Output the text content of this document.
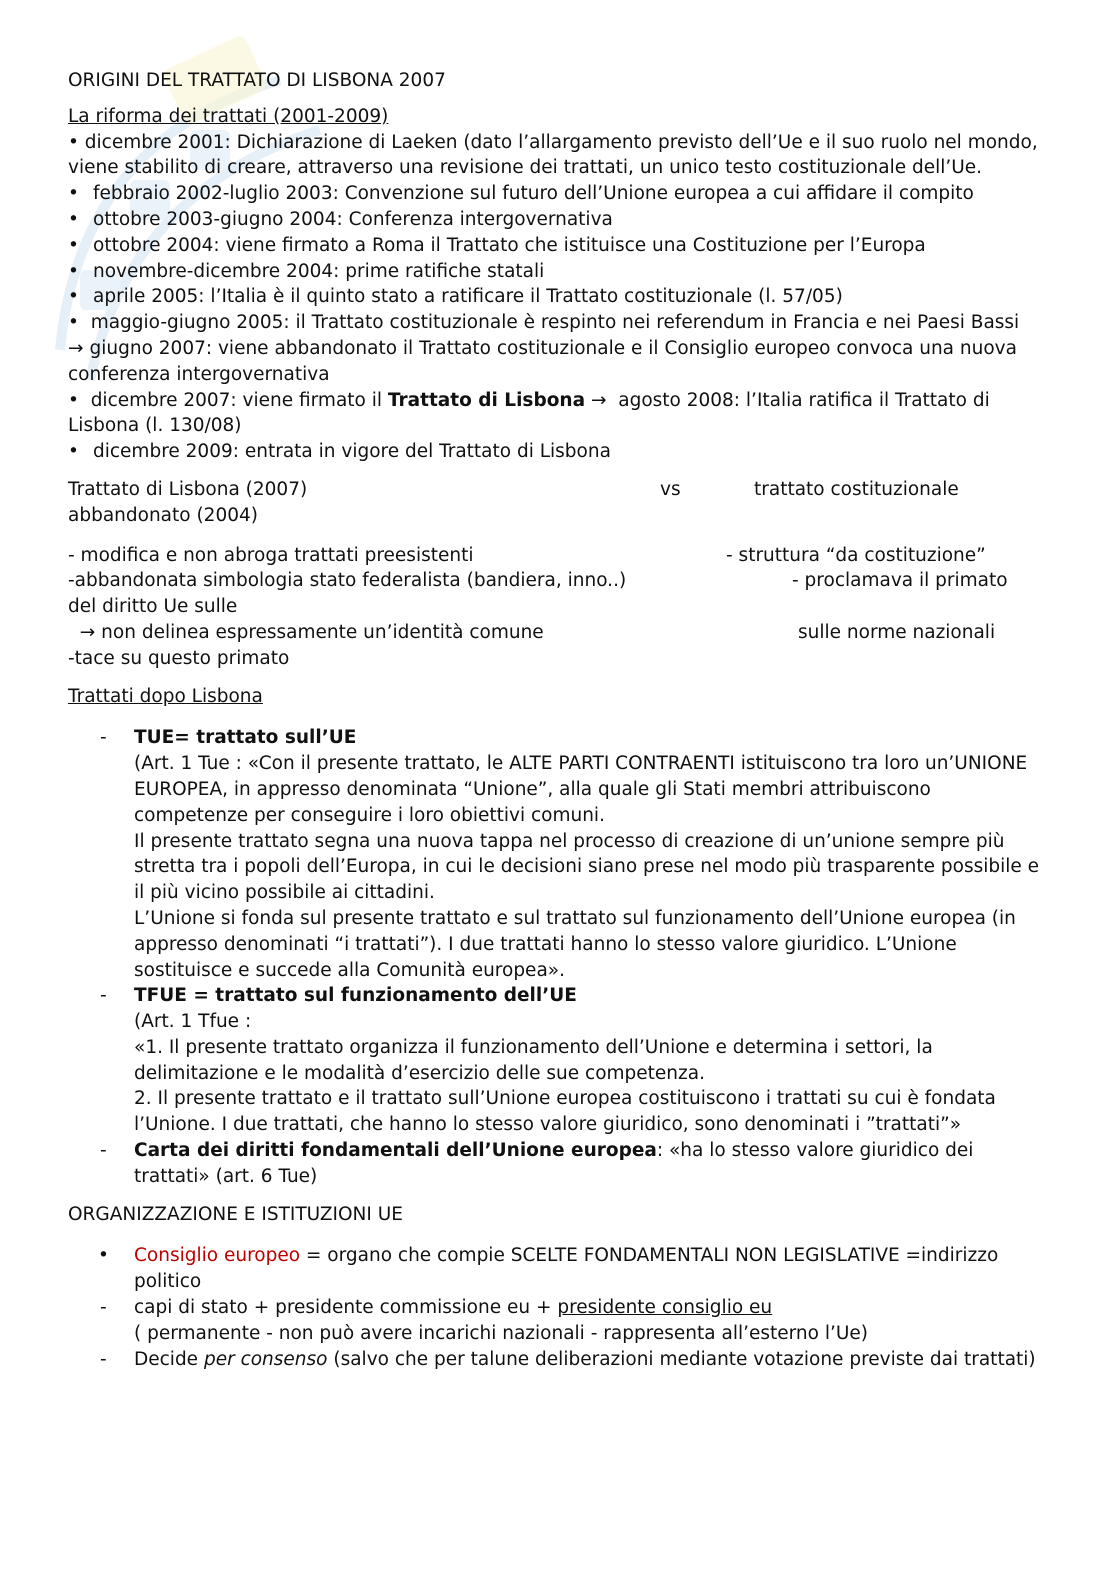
ORIGINI DEL TRATTATO DI LISBONA 2007

La riforma dei trattati (2001-2009)

• dicembre 2001: Dichiarazione di Laeken (dato l’allargamento previsto dell’Ue e il suo ruolo nel mondo, viene stabilito di creare, attraverso una revisione dei trattati, un unico testo costituzionale dell’Ue.

• febbraio 2002-luglio 2003: Convenzione sul futuro dell’Unione europea a cui affidare il compito

• ottobre 2003-giugno 2004: Conferenza intergovernativa

• ottobre 2004: viene firmato a Roma il Trattato che istituisce una Costituzione per l’Europa

• novembre-dicembre 2004: prime ratifiche statali

• aprile 2005: l’Italia è il quinto stato a ratificare il Trattato costituzionale (l. 57/05)

•  maggio-giugno 2005: il Trattato costituzionale è respinto nei referendum in Francia e nei Paesi Bassi

→ giugno 2007: viene abbandonato il Trattato costituzionale e il Consiglio europeo convoca una nuova conferenza intergovernativa

•  dicembre 2007: viene firmato il Trattato di Lisbona → agosto 2008: l’Italia ratifica il Trattato di Lisbona (l. 130/08)

• dicembre 2009: entrata in vigore del Trattato di Lisbona

Trattato di Lisbona (2007)	vs	trattato costituzionale

abbandonato (2004)

- modifica e non abroga trattati preesistenti	- struttura “da costituzione”

-abbandonata simbologia stato federalista (bandiera, inno..)	- proclamava il primato

del diritto Ue sulle

→ non delinea espressamente un’identità comune	sulle norme nazionali

-tace su questo primato

Trattati dopo Lisbona

- TUE= trattato sull’UE

(Art. 1 Tue : «Con il presente trattato, le ALTE PARTI CONTRAENTI istituiscono tra loro un’UNIONE EUROPEA, in appresso denominata “Unione”, alla quale gli Stati membri attribuiscono competenze per conseguire i loro obiettivi comuni.

Il presente trattato segna una nuova tappa nel processo di creazione di un’unione sempre più stretta tra i popoli dell’Europa, in cui le decisioni siano prese nel modo più trasparente possibile e il più vicino possibile ai cittadini.

L’Unione si fonda sul presente trattato e sul trattato sul funzionamento dell’Unione europea (in appresso denominati “i trattati”). I due trattati hanno lo stesso valore giuridico. L’Unione sostituisce e succede alla Comunità europea».

- TFUE = trattato sul funzionamento dell’UE

(Art. 1 Tfue :

«1. Il presente trattato organizza il funzionamento dell’Unione e determina i settori, la delimitazione e le modalità d’esercizio delle sue competenza.

2. Il presente trattato e il trattato sull’Unione europea costituiscono i trattati su cui è fondata l’Unione. I due trattati, che hanno lo stesso valore giuridico, sono denominati i ”trattati”»

- Carta dei diritti fondamentali dell’Unione europea: «ha lo stesso valore giuridico dei trattati» (art. 6 Tue)

ORGANIZZAZIONE E ISTITUZIONI UE

• Consiglio europeo = organo che compie SCELTE FONDAMENTALI NON LEGISLATIVE =indirizzo politico

- capi di stato + presidente commissione eu + presidente consiglio eu

( permanente - non può avere incarichi nazionali - rappresenta all’esterno l’Ue)

- Decide per consenso (salvo che per talune deliberazioni mediante votazione previste dai trattati)
